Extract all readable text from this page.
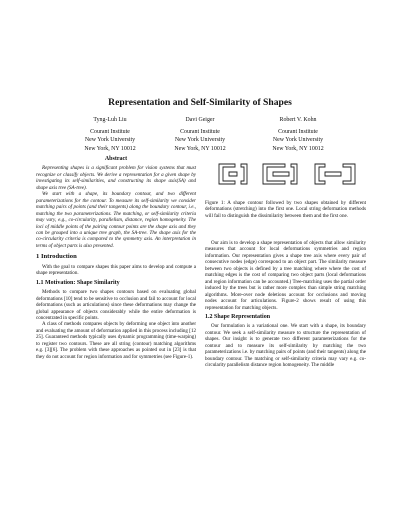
Representation and Self-Similarity of Shapes
Tyng-Luh Liu
Courant Institute
New York University
New York, NY 10012
Davi Geiger
Courant Institute
New York University
New York, NY 10012
Robert V. Kohn
Courant Institute
New York University
New York, NY 10012
Abstract

Representing shapes is a significant problem for vision systems that must recognize or classify objects. We derive a representation for a given shape by investigating its self-similarities, and constructing its shape axis(SA) and shape axis tree (SA-tree).

We start with a shape, its boundary contour, and two different parameterizations for the contour. To measure its self-similarity we consider matching pairs of points (and their tangents) along the boundary contour, i.e., matching the two parameterizations. The matching, or self-similarity criteria may vary, e.g., co-circularity, parallelism, distance, region homogeneity. The loci of middle points of the pairing contour points are the shape axis and they can be grouped into a unique tree graph, the SA-tree. The shape axis for the co-circularity criteria is compared to the symmetry axis. An interpretation in terms of object parts is also presented.

1 Introduction

With the goal to compare shapes this paper aims to develop and compute a shape representation.

1.1 Motivation: Shape Similarity

Methods to compare two shapes contours based on evaluating global deformations [10] tend to be sensitive to occlusion and fail to account for local deformations (such as articulations) since these deformations may change the global appearance of objects considerably while the entire deformation is concentrated in specific points.

A class of methods compares objects by deforming one object into another and evaluating the amount of deformation applied in this process including [12 25]. Guaranteed methods typically uses dynamic programming (time-warping) to register two contours. These are all string (contour) matching algorithms e.g. [3][6]. The problem with these approaches as pointed out in [23] is that they do not account for region information and for symmetries (see Figure-1).

Figure 1: A shape contour followed by two shapes obtained by different deformations (stretching) into the first one. Local string deformation methods will fail to distinguish the dissimilarity between them and the first one.

Our aim is to develop a shape representation of objects that allow similarity measures that account for local deformations symmetries and region information. Our representation gives a shape tree axis where every pair of consecutive nodes (edge) correspond to an object part. The similarity measure between two objects is defined by a tree matching where where the cost of matching edges is the cost of comparing two object parts (local deformations and region information can be accounted.) Tree-matching uses the partial order induced by the trees but is rather more complex than simple string matching algorithms. More-over node deletions account for occlusions and moving nodes account for articulations. Figure-2 shows result of using this representation for matching objects.

1.2 Shape Representation

Our formulation is a variational one. We start with a shape, its boundary contour. We seek a self-similarity measure to structure the representation of shapes. Our insight is to generate two different parameterizations for the contour and to measure its self-similarity by matching the two parameterizations i.e. by matching pairs of points (and their tangents) along the boundary contour. The matching or self-similarity criteria may vary e.g. co-circularity parallelism distance region homogeneity. The middle
